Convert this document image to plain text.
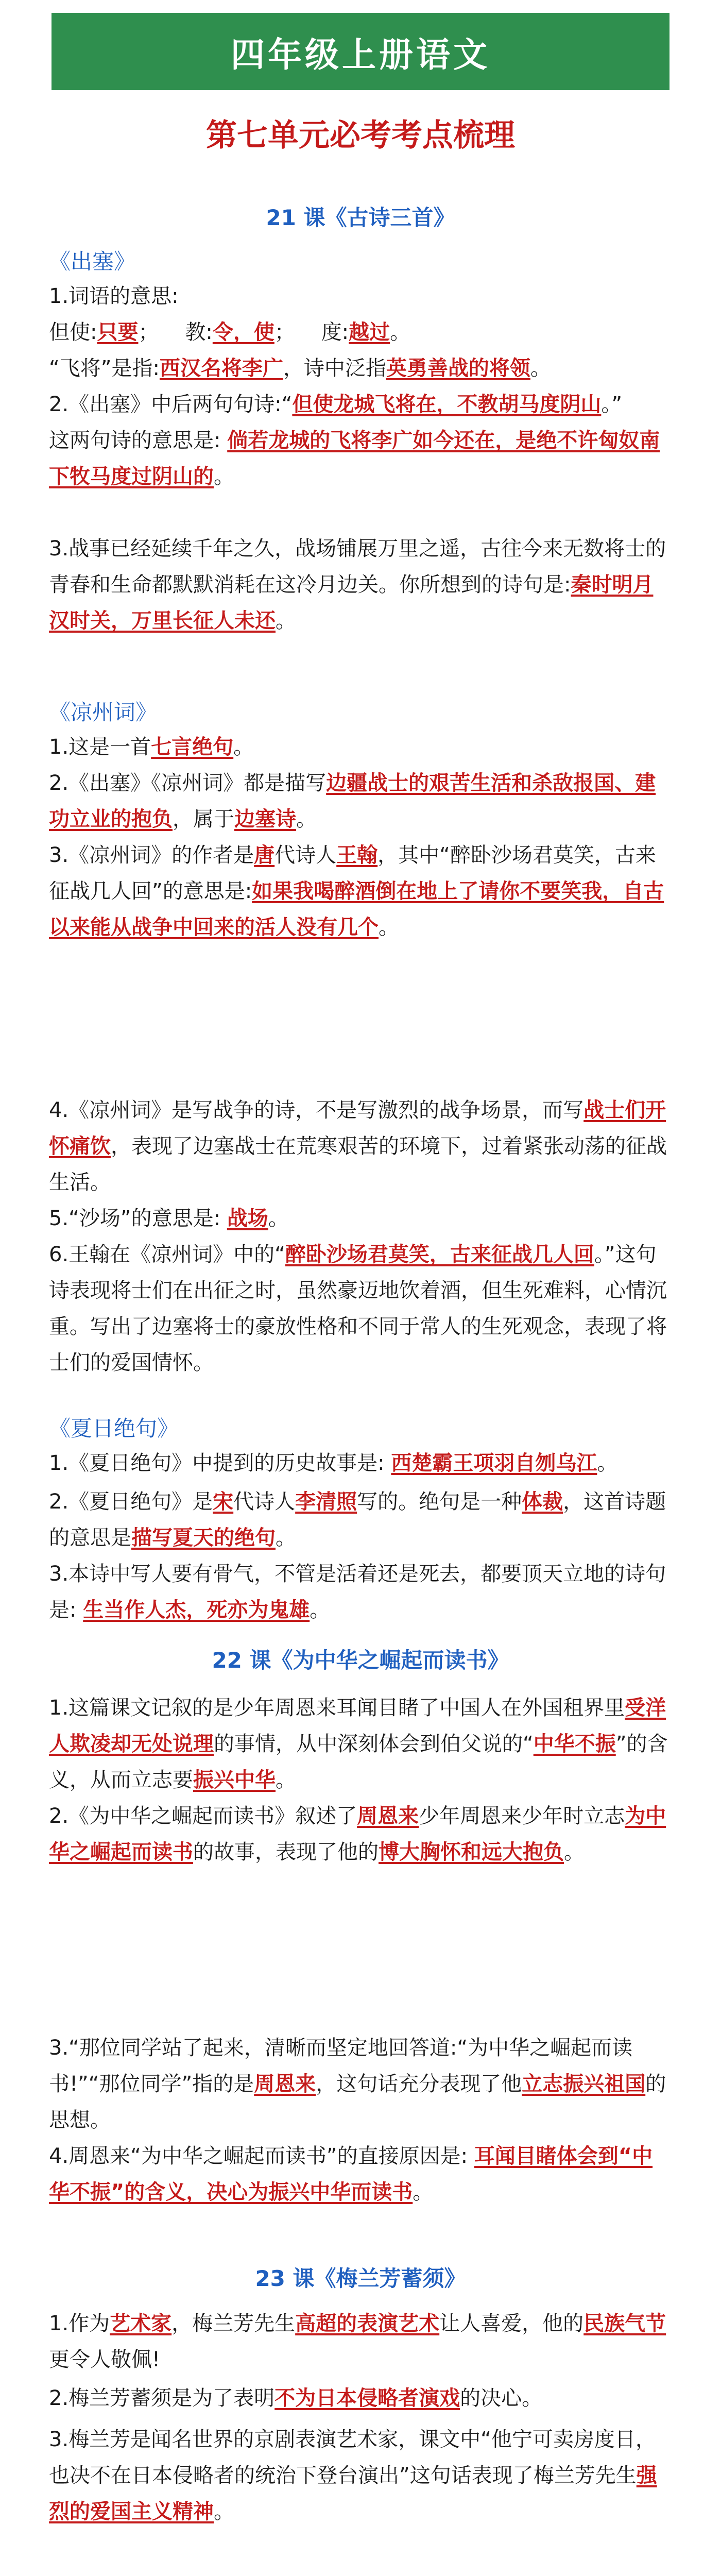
四年级上册语文
第七单元必考考点梳理
21 课《古诗三首》
《出塞》
1.词语的意思:
但使:只要；    教:令，使；    度:越过。
“飞将”是指:西汉名将李广，诗中泛指英勇善战的将领。
2.《出塞》中后两句句诗:“但使龙城飞将在，不教胡马度阴山。”
这两句诗的意思是: 倘若龙城的飞将李广如今还在，是绝不许匈奴南下牧马度过阴山的。
3.战事已经延续千年之久，战场铺展万里之遥，古往今来无数将士的青春和生命都默默消耗在这冷月边关。你所想到的诗句是:秦时明月汉时关，万里长征人未还。
《凉州词》
1.这是一首七言绝句。
2.《出塞》《凉州词》都是描写边疆战士的艰苦生活和杀敌报国、建功立业的抱负，属于边塞诗。
3.《凉州词》的作者是唐代诗人王翰，其中“醉卧沙场君莫笑，古来征战几人回”的意思是:如果我喝醉酒倒在地上了请你不要笑我，自古以来能从战争中回来的活人没有几个。
4.《凉州词》是写战争的诗，不是写激烈的战争场景，而写战士们开怀痛饮，表现了边塞战士在荒寒艰苦的环境下，过着紧张动荡的征战生活。
5.“沙场”的意思是: 战场。
6.王翰在《凉州词》中的“醉卧沙场君莫笑，古来征战几人回。”这句诗表现将士们在出征之时，虽然豪迈地饮着酒，但生死难料，心情沉重。写出了边塞将士的豪放性格和不同于常人的生死观念，表现了将士们的爱国情怀。
《夏日绝句》
1.《夏日绝句》中提到的历史故事是: 西楚霸王项羽自刎乌江。
2.《夏日绝句》是宋代诗人李清照写的。绝句是一种体裁，这首诗题的意思是描写夏天的绝句。
3.本诗中写人要有骨气，不管是活着还是死去，都要顶天立地的诗句是: 生当作人杰，死亦为鬼雄。
22 课《为中华之崛起而读书》
1.这篇课文记叙的是少年周恩来耳闻目睹了中国人在外国租界里受洋人欺凌却无处说理的事情，从中深刻体会到伯父说的“中华不振”的含义，从而立志要振兴中华。
2.《为中华之崛起而读书》叙述了周恩来少年周恩来少年时立志为中华之崛起而读书的故事，表现了他的博大胸怀和远大抱负。
3.“那位同学站了起来，清晰而坚定地回答道:“为中华之崛起而读书!”“那位同学”指的是周恩来，这句话充分表现了他立志振兴祖国的思想。
4.周恩来“为中华之崛起而读书”的直接原因是: 耳闻目睹体会到“中华不振”的含义，决心为振兴中华而读书。
23 课《梅兰芳蓄须》
1.作为艺术家，梅兰芳先生高超的表演艺术让人喜爱，他的民族气节更令人敬佩!
2.梅兰芳蓄须是为了表明不为日本侵略者演戏的决心。
3.梅兰芳是闻名世界的京剧表演艺术家，课文中“他宁可卖房度日，也决不在日本侵略者的统治下登台演出”这句话表现了梅兰芳先生强烈的爱国主义精神。
